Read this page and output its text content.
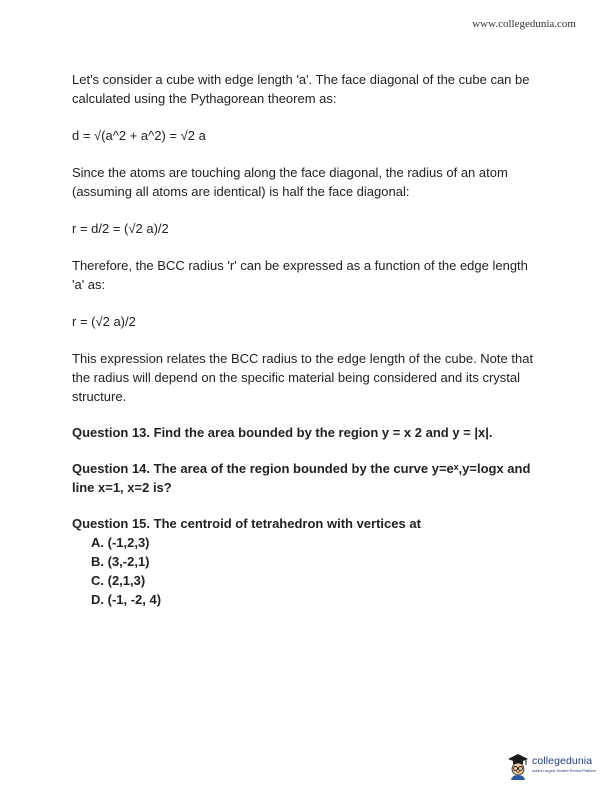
www.collegedunia.com

Let's consider a cube with edge length 'a'. The face diagonal of the cube can be calculated using the Pythagorean theorem as:

d = √(a^2 + a^2) = √2 a

Since the atoms are touching along the face diagonal, the radius of an atom (assuming all atoms are identical) is half the face diagonal:

r = d/2 = (√2 a)/2

Therefore, the BCC radius 'r' can be expressed as a function of the edge length 'a' as:

r = (√2 a)/2

This expression relates the BCC radius to the edge length of the cube. Note that the radius will depend on the specific material being considered and its crystal structure.

Question 13. Find the area bounded by the region y = x 2 and y = |x|.

Question 14. The area of the region bounded by the curve y=eˣ,y=logx and line x=1, x=2 is?

Question 15. The centroid of tetrahedron with vertices at

A. (-1,2,3)
B. (3,-2,1)
C. (2,1,3)
D. (-1, -2, 4)
collegedunia
India's Largest Student Review Platform
